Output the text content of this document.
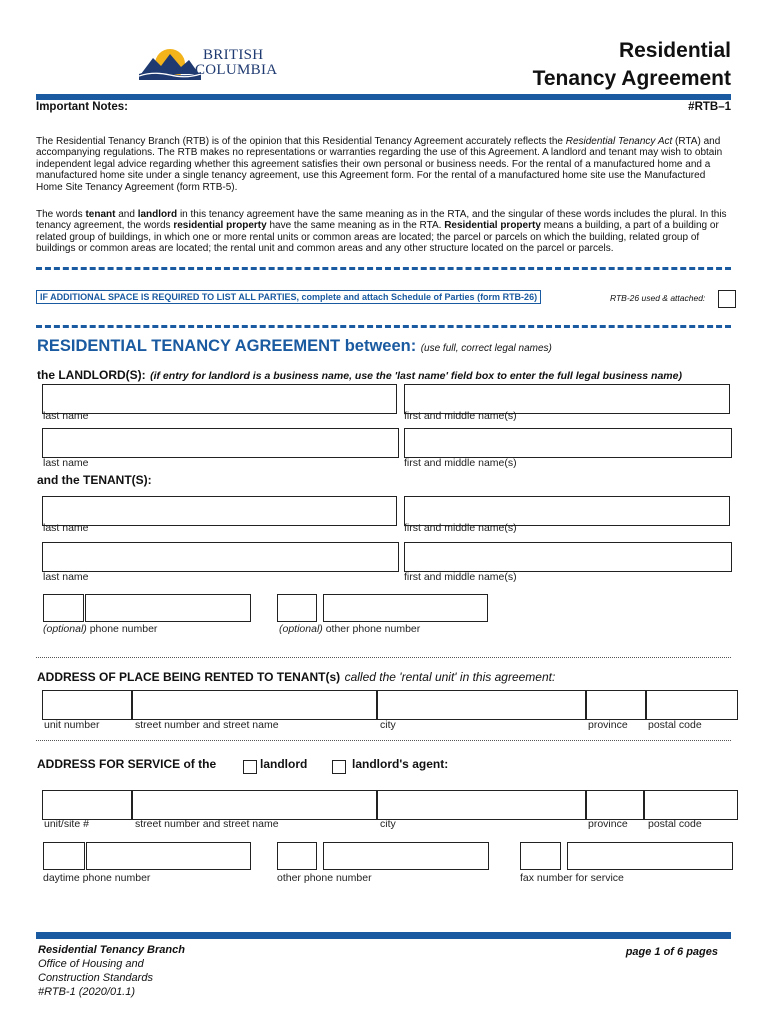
BRITISH
COLUMBIA
Residential
Tenancy Agreement
Important Notes:	#RTB–1
The Residential Tenancy Branch (RTB) is of the opinion that this Residential Tenancy Agreement accurately reflects the Residential Tenancy Act (RTA) and accompanying regulations. The RTB makes no representations or warranties regarding the use of this Agreement. A landlord and tenant may wish to obtain independent legal advice regarding whether this agreement satisfies their own personal or business needs. For the rental of a manufactured home and a manufactured home site under a single tenancy agreement, use this Agreement form. For the rental of a manufactured home site use the Manufactured Home Site Tenancy Agreement (form RTB-5).
The words tenant and landlord in this tenancy agreement have the same meaning as in the RTA, and the singular of these words includes the plural. In this tenancy agreement, the words residential property have the same meaning as in the RTA. Residential property means a building, a part of a building or related group of buildings, in which one or more rental units or common areas are located; the parcel or parcels on which the building, related group of buildings or common areas are located; the rental unit and common areas and any other structure located on the parcel or parcels.
IF ADDITIONAL SPACE IS REQUIRED TO LIST ALL PARTIES, complete and attach Schedule of Parties (form RTB-26)	RTB-26 used & attached:
RESIDENTIAL TENANCY AGREEMENT between: (use full, correct legal names)
the LANDLORD(S): (if entry for landlord is a business name, use the 'last name' field box to enter the full legal business name)
last name	first and middle name(s)
last name	first and middle name(s)
and the TENANT(S):
last name	first and middle name(s)
last name	first and middle name(s)
(optional) phone number	(optional) other phone number
ADDRESS OF PLACE BEING RENTED TO TENANT(s) called the 'rental unit' in this agreement:
unit number	street number and street name	city	province postal code
ADDRESS FOR SERVICE of the	landlord	landlord's agent:
unit/site #	street number and street name	city	province postal code
daytime phone number	other phone number	fax number for service
Residential Tenancy Branch
Office of Housing and
Construction Standards
#RTB-1 (2020/01.1)
page 1 of 6 pages
